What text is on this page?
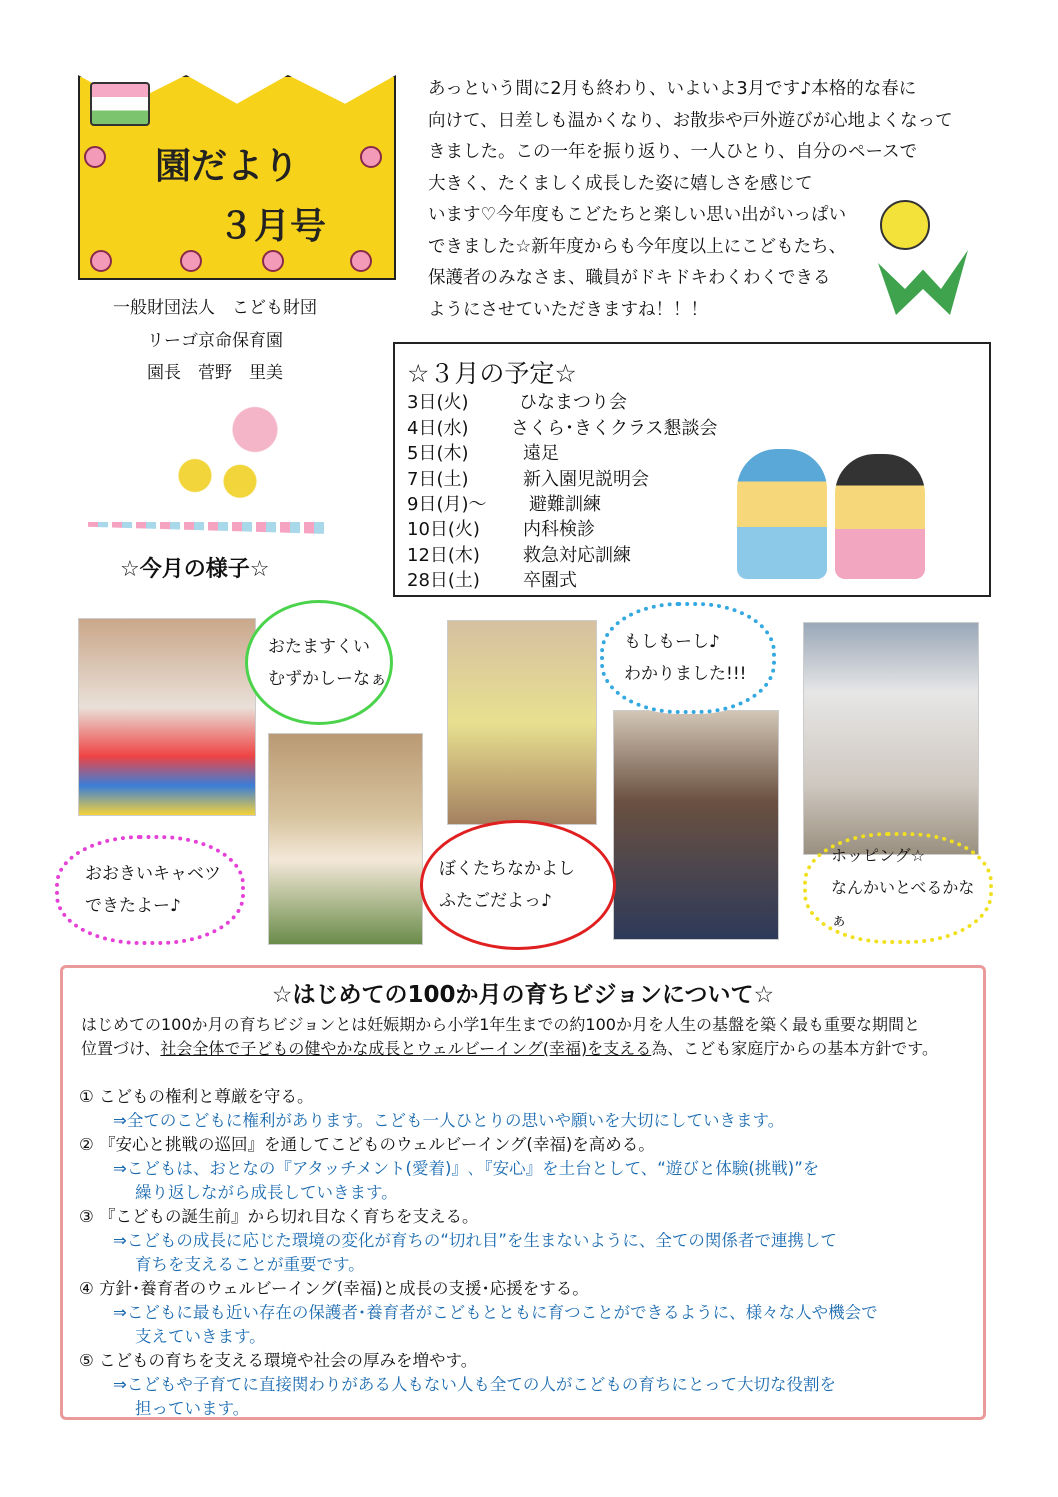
園だより
３月号
一般財団法人　こども財団
リーゴ京命保育園
園長　菅野　里美
☆今月の様子☆
あっという間に2月も終わり、いよいよ3月です♪本格的な春に
向けて、日差しも温かくなり、お散歩や戸外遊びが心地よくなって
きました。この一年を振り返り、一人ひとり、自分のペースで
大きく、たくましく成長した姿に嬉しさを感じて
います♡今年度もこどたちと楽しい思い出がいっぱい
できました☆新年度からも今年度以上にこどもたち、
保護者のみなさま、職員がドキドキわくわくできる
ようにさせていただきますね！！！
☆３月の予定☆
3日(火)	ひなまつり会
4日(水)	さくら･きくクラス懇談会
5日(木)	遠足
7日(土)	新入園児説明会
9日(月)～	避難訓練
10日(火)	内科検診
12日(木)	救急対応訓練
28日(土)	卒園式
おたますくい
むずかしーなぁ
もしもーし♪
わかりました!!!
おおきいキャベツ
できたよー♪
ぼくたちなかよし
ふたごだよっ♪
ホッピング☆
なんかいとべるかなぁ
☆はじめての100か月の育ちビジョンについて☆
はじめての100か月の育ちビジョンとは妊娠期から小学1年生までの約100か月を人生の基盤を築く最も重要な期間と
位置づけ、社会全体で子どもの健やかな成長とウェルビーイング(幸福)を支える為、こども家庭庁からの基本方針です。
① こどもの権利と尊厳を守る。
⇒全てのこどもに権利があります。こども一人ひとりの思いや願いを大切にしていきます。
② 『安心と挑戦の巡回』を通してこどものウェルビーイング(幸福)を高める。
⇒こどもは、おとなの『アタッチメント(愛着)』､『安心』を土台として、“遊びと体験(挑戦)”を
繰り返しながら成長していきます。
③ 『こどもの誕生前』から切れ目なく育ちを支える。
⇒こどもの成長に応じた環境の変化が育ちの“切れ目”を生まないように、全ての関係者で連携して
育ちを支えることが重要です。
④ 方針･養育者のウェルビーイング(幸福)と成長の支援･応援をする。
⇒こどもに最も近い存在の保護者･養育者がこどもとともに育つことができるように、様々な人や機会で
支えていきます。
⑤ こどもの育ちを支える環境や社会の厚みを増やす。
⇒こどもや子育てに直接関わりがある人もない人も全ての人がこどもの育ちにとって大切な役割を
担っています。
